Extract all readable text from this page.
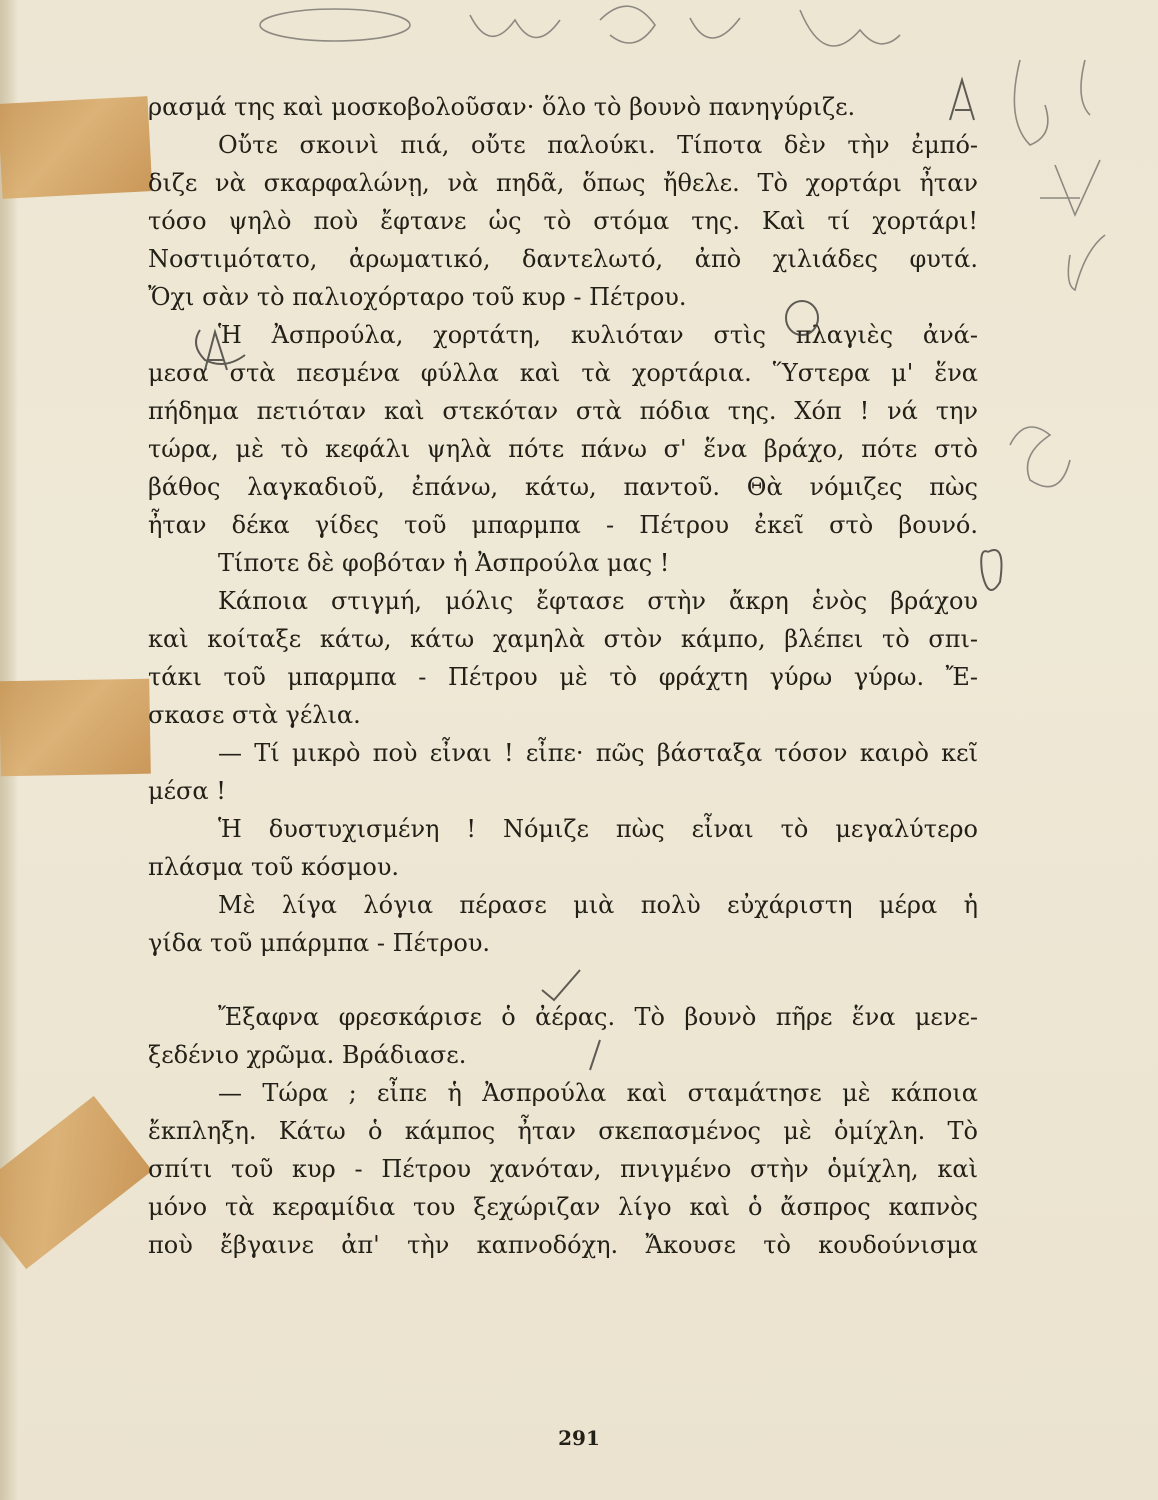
ρασμά της καὶ μοσκοβολοῦσαν· ὅλο τὸ βουνὸ πανηγύριζε.
Οὔτε σκοινὶ πιά, οὔτε παλούκι. Τίποτα δὲν τὴν ἐμπό-
διζε νὰ σκαρφαλώνῃ, νὰ πηδᾶ, ὅπως ἤθελε. Τὸ χορτάρι ἦταν
τόσο ψηλὸ ποὺ ἔφτανε ὡς τὸ στόμα της. Καὶ τί χορτάρι!
Νοστιμότατο, ἀρωματικό, δαντελωτό, ἀπὸ χιλιάδες φυτά.
Ὄχι σὰν τὸ παλιοχόρταρο τοῦ κυρ - Πέτρου.
Ἡ Ἀσπρούλα, χορτάτη, κυλιόταν στὶς πλαγιὲς ἀνά-
μεσα στὰ πεσμένα φύλλα καὶ τὰ χορτάρια. Ὕστερα μ' ἕνα
πήδημα πετιόταν καὶ στεκόταν στὰ πόδια της. Χόπ ! νά την
τώρα, μὲ τὸ κεφάλι ψηλὰ πότε πάνω σ' ἕνα βράχο, πότε στὸ
βάθος λαγκαδιοῦ, ἐπάνω, κάτω, παντοῦ. Θὰ νόμιζες πὼς
ἦταν δέκα γίδες τοῦ μπαρμπα - Πέτρου ἐκεῖ στὸ βουνό.
Τίποτε δὲ φοβόταν ἡ Ἀσπρούλα μας !
Κάποια στιγμή, μόλις ἔφτασε στὴν ἄκρη ἑνὸς βράχου
καὶ κοίταξε κάτω, κάτω χαμηλὰ στὸν κάμπο, βλέπει τὸ σπι-
τάκι τοῦ μπαρμπα - Πέτρου μὲ τὸ φράχτη γύρω γύρω. Ἔ-
σκασε στὰ γέλια.
— Τί μικρὸ ποὺ εἶναι ! εἶπε· πῶς βάσταξα τόσον καιρὸ κεῖ
μέσα !
Ἡ δυστυχισμένη ! Νόμιζε πὼς εἶναι τὸ μεγαλύτερο
πλάσμα τοῦ κόσμου.
Μὲ λίγα λόγια πέρασε μιὰ πολὺ εὐχάριστη μέρα ἡ
γίδα τοῦ μπάρμπα - Πέτρου.
Ἔξαφνα φρεσκάρισε ὁ ἀέρας. Τὸ βουνὸ πῆρε ἕνα μενε-
ξεδένιο χρῶμα. Βράδιασε.
— Τώρα ; εἶπε ἡ Ἀσπρούλα καὶ σταμάτησε μὲ κάποια
ἔκπληξη. Κάτω ὁ κάμπος ἦταν σκεπασμένος μὲ ὁμίχλη. Τὸ
σπίτι τοῦ κυρ - Πέτρου χανόταν, πνιγμένο στὴν ὁμίχλη, καὶ
μόνο τὰ κεραμίδια του ξεχώριζαν λίγο καὶ ὁ ἄσπρος καπνὸς
ποὺ ἔβγαινε ἀπ' τὴν καπνοδόχη. Ἄκουσε τὸ κουδούνισμα
291
